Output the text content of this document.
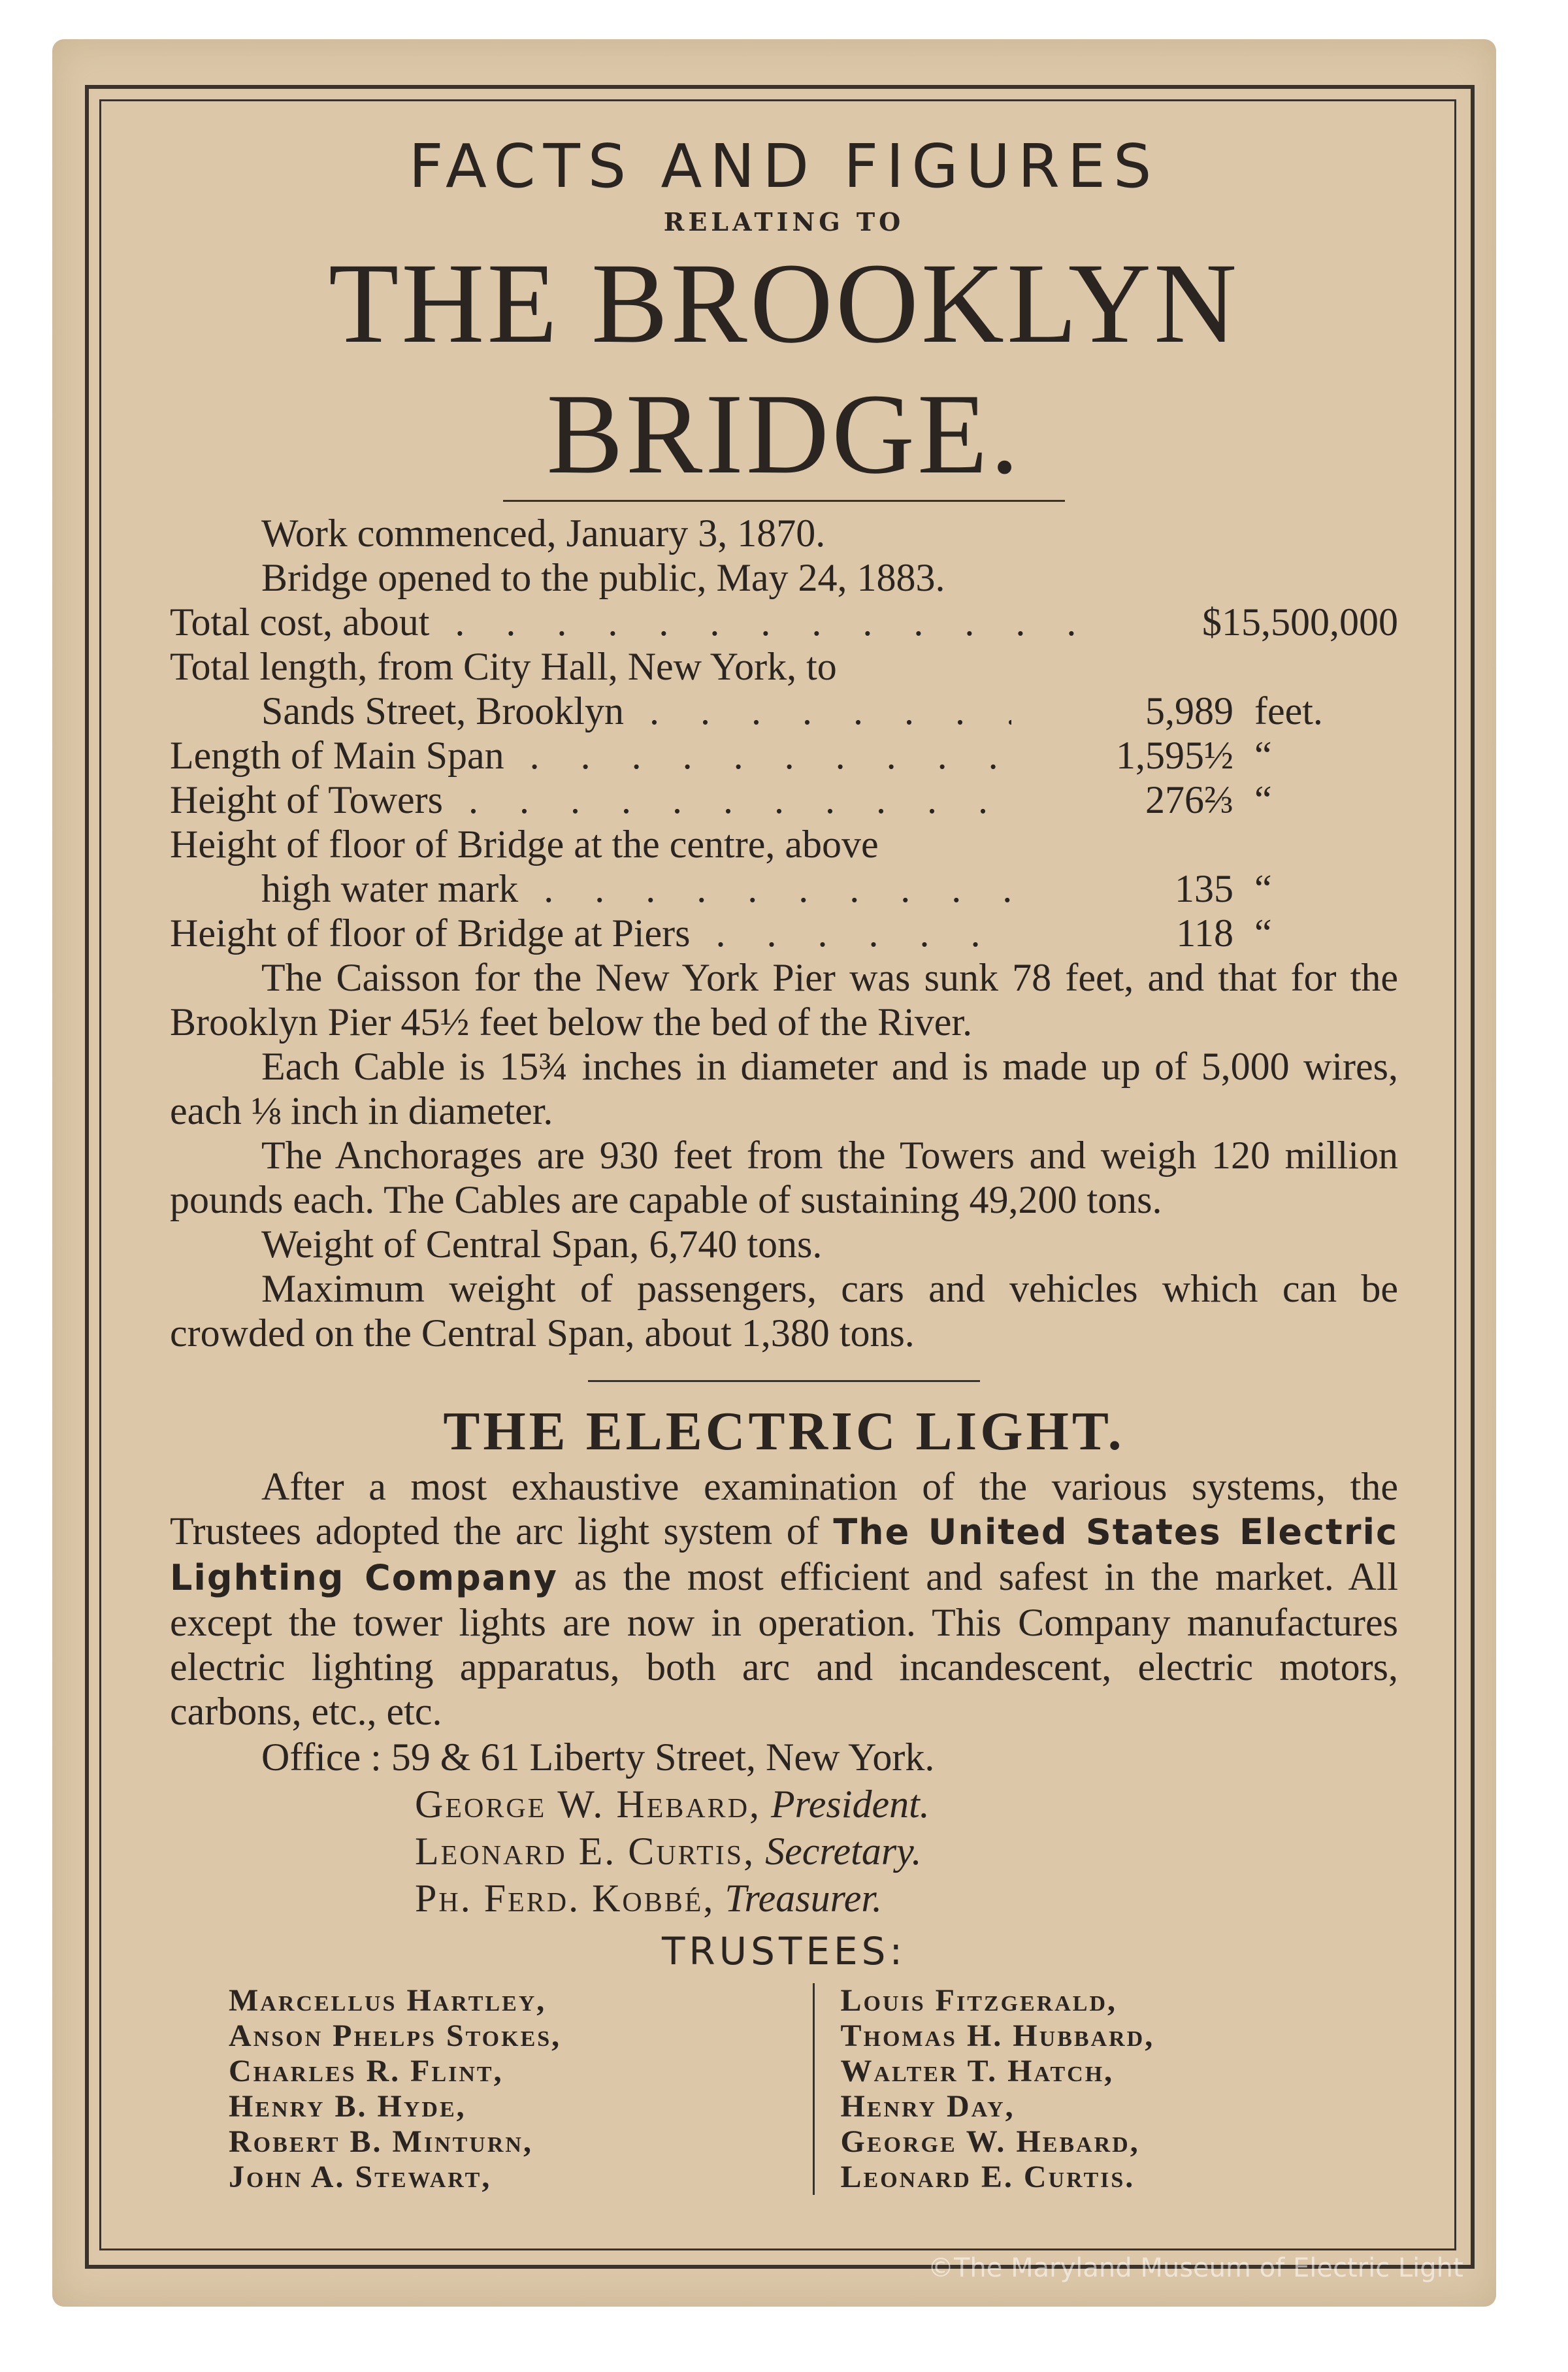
FACTS AND FIGURES

RELATING TO

THE BROOKLYN BRIDGE.

Work commenced, January 3, 1870.
Bridge opened to the public, May 24, 1883.
Total cost, about . . .	$15,500,000
Total length, from City Hall, New York, to
Sands Street, Brooklyn . . .	5,989 feet.
Length of Main Span . . .	1,595½ “
Height of Towers . . .	276⅔ “
Height of floor of Bridge at the centre, above
high water mark . . .	135 “
Height of floor of Bridge at Piers . . .	118 “

The Caisson for the New York Pier was sunk 78 feet, and that for the Brooklyn Pier 45½ feet below the bed of the River.

Each Cable is 15¾ inches in diameter and is made up of 5,000 wires, each ⅛ inch in diameter.

The Anchorages are 930 feet from the Towers and weigh 120 million pounds each. The Cables are capable of sustaining 49,200 tons.

Weight of Central Span, 6,740 tons.

Maximum weight of passengers, cars and vehicles which can be crowded on the Central Span, about 1,380 tons.

THE ELECTRIC LIGHT.

After a most exhaustive examination of the various systems, the Trustees adopted the arc light system of The United States Electric Lighting Company as the most efficient and safest in the market. All except the tower lights are now in operation. This Company manufactures electric lighting apparatus, both arc and incandescent, electric motors, carbons, etc., etc.

Office : 59 & 61 Liberty Street, New York.
George W. Hebard, President.
Leonard E. Curtis, Secretary.
Ph. Ferd. Kobbé, Treasurer.

TRUSTEES:

Marcellus Hartley,
Anson Phelps Stokes,
Charles R. Flint,
Henry B. Hyde,
Robert B. Minturn,
John A. Stewart,
Louis Fitzgerald,
Thomas H. Hubbard,
Walter T. Hatch,
Henry Day,
George W. Hebard,
Leonard E. Curtis.
©The Maryland Museum of Electric Light
